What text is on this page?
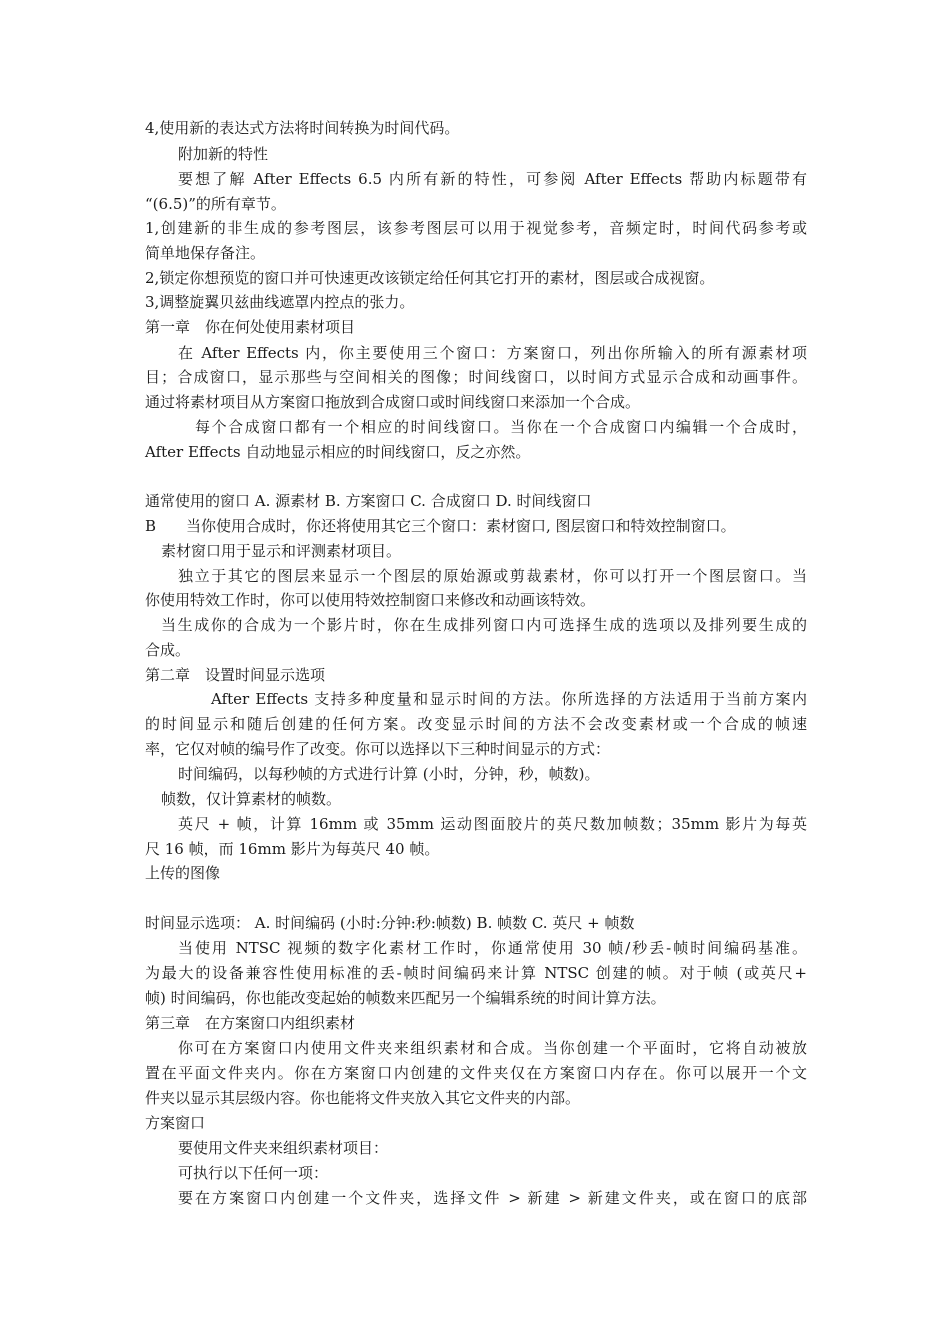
4,使用新的表达式方法将时间转换为时间代码。
附加新的特性
要想了解 After Effects 6.5 内所有新的特性，可参阅 After Effects 帮助内标题带有
“(6.5)”的所有章节。
1,创建新的非生成的参考图层，该参考图层可以用于视觉参考，音频定时，时间代码参考或
简单地保存备注。
2,锁定你想预览的窗口并可快速更改该锁定给任何其它打开的素材，图层或合成视窗。
3,调整旋翼贝兹曲线遮罩内控点的张力。
第一章　你在何处使用素材项目
在 After Effects 内，你主要使用三个窗口：方案窗口，列出你所输入的所有源素材项
目；合成窗口，显示那些与空间相关的图像；时间线窗口，以时间方式显示合成和动画事件。
通过将素材项目从方案窗口拖放到合成窗口或时间线窗口来添加一个合成。
每个合成窗口都有一个相应的时间线窗口。当你在一个合成窗口内编辑一个合成时，
After Effects 自动地显示相应的时间线窗口，反之亦然。
通常使用的窗口 A. 源素材 B. 方案窗口 C. 合成窗口 D. 时间线窗口
B　　当你使用合成时，你还将使用其它三个窗口：素材窗口, 图层窗口和特效控制窗口。
素材窗口用于显示和评测素材项目。
独立于其它的图层来显示一个图层的原始源或剪裁素材，你可以打开一个图层窗口。当
你使用特效工作时，你可以使用特效控制窗口来修改和动画该特效。
当生成你的合成为一个影片时，你在生成排列窗口内可选择生成的选项以及排列要生成的
合成。
第二章　设置时间显示选项
After Effects 支持多种度量和显示时间的方法。你所选择的方法适用于当前方案内
的时间显示和随后创建的任何方案。改变显示时间的方法不会改变素材或一个合成的帧速
率，它仅对帧的编号作了改变。你可以选择以下三种时间显示的方式：
时间编码，以每秒帧的方式进行计算 (小时，分钟，秒，帧数)。
帧数，仅计算素材的帧数。
英尺 + 帧，计算 16mm 或 35mm 运动图面胶片的英尺数加帧数；35mm 影片为每英
尺 16 帧，而 16mm 影片为每英尺 40 帧。
上传的图像
时间显示选项： A. 时间编码 (小时:分钟:秒:帧数) B. 帧数 C. 英尺 + 帧数
当使用 NTSC 视频的数字化素材工作时，你通常使用 30 帧/秒丢-帧时间编码基准。
为最大的设备兼容性使用标准的丢-帧时间编码来计算 NTSC 创建的帧。对于帧 (或英尺+
帧) 时间编码，你也能改变起始的帧数来匹配另一个编辑系统的时间计算方法。
第三章　在方案窗口内组织素材
你可在方案窗口内使用文件夹来组织素材和合成。当你创建一个平面时，它将自动被放
置在平面文件夹内。你在方案窗口内创建的文件夹仅在方案窗口内存在。你可以展开一个文
件夹以显示其层级内容。你也能将文件夹放入其它文件夹的内部。
方案窗口
要使用文件夹来组织素材项目：
可执行以下任何一项：
要在方案窗口内创建一个文件夹，选择文件 > 新建 > 新建文件夹，或在窗口的底部
